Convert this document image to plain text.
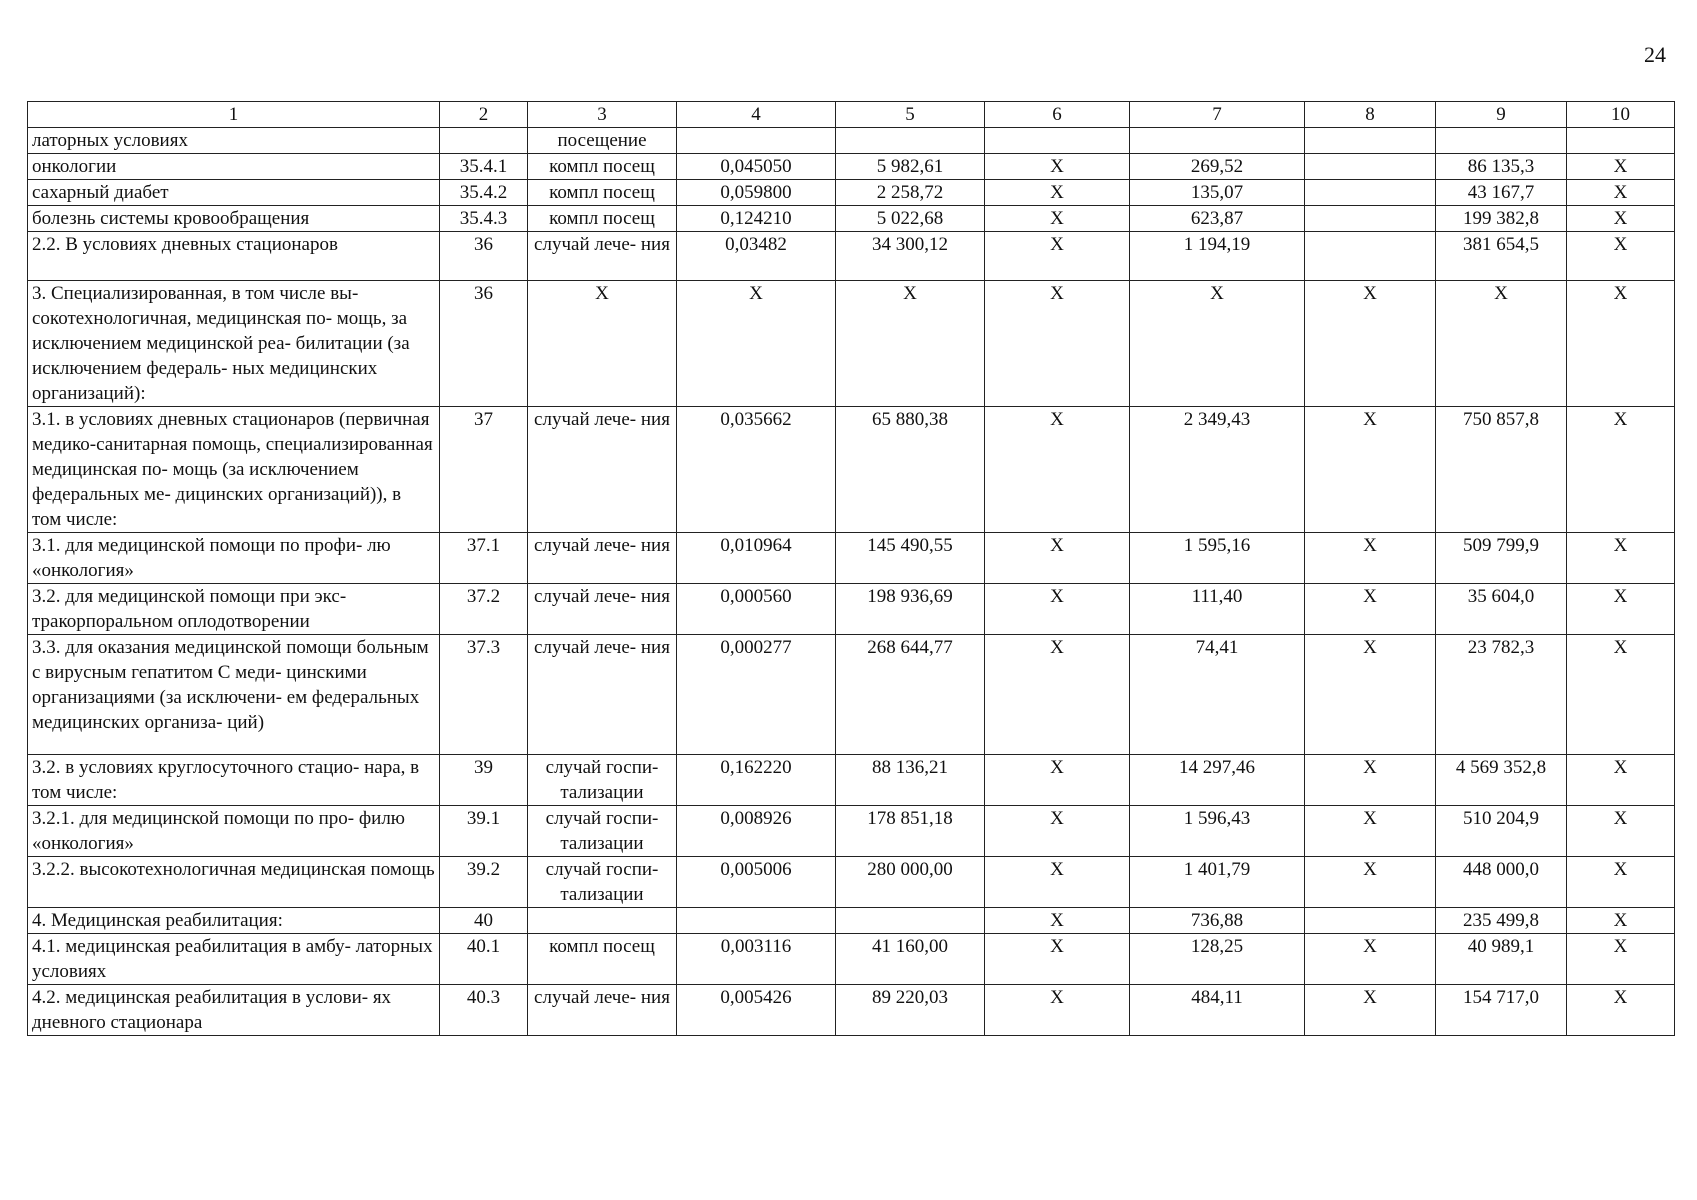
24
1	2	3	4	5	6	7	8	9	10
латорных условиях		посещение							
онкологии	35.4.1	компл посещ	0,045050	5 982,61	X	269,52		86 135,3	X
сахарный диабет	35.4.2	компл посещ	0,059800	2 258,72	X	135,07		43 167,7	X
болезнь системы кровообращения	35.4.3	компл посещ	0,124210	5 022,68	X	623,87		199 382,8	X
2.2. В условиях дневных стационаров	36	случай лече- ния	0,03482	34 300,12	X	1 194,19		381 654,5	X
3. Специализированная, в том числе вы- сокотехнологичная, медицинская по- мощь, за исключением медицинской реа- билитации (за исключением федераль- ных медицинских организаций):	36	X	X	X	X	X	X	X	X
3.1. в условиях дневных стационаров (первичная медико-санитарная помощь, специализированная медицинская по- мощь (за исключением федеральных ме- дицинских организаций)), в том числе:	37	случай лече- ния	0,035662	65 880,38	X	2 349,43	X	750 857,8	X
3.1. для медицинской помощи по профи- лю «онкология»	37.1	случай лече- ния	0,010964	145 490,55	X	1 595,16	X	509 799,9	X
3.2. для медицинской помощи при экс- тракорпоральном оплодотворении	37.2	случай лече- ния	0,000560	198 936,69	X	111,40	X	35 604,0	X
3.3. для оказания медицинской помощи больным с вирусным гепатитом С меди- цинскими организациями (за исключени- ем федеральных медицинских организа- ций)	37.3	случай лече- ния	0,000277	268 644,77	X	74,41	X	23 782,3	X
3.2. в условиях круглосуточного стацио- нара, в том числе:	39	случай госпи- тализации	0,162220	88 136,21	X	14 297,46	X	4 569 352,8	X
3.2.1. для медицинской помощи по про- филю «онкология»	39.1	случай госпи- тализации	0,008926	178 851,18	X	1 596,43	X	510 204,9	X
3.2.2. высокотехнологичная медицинская помощь	39.2	случай госпи- тализации	0,005006	280 000,00	X	1 401,79	X	448 000,0	X
4. Медицинская реабилитация:	40				X	736,88		235 499,8	X
4.1. медицинская реабилитация в амбу- латорных условиях	40.1	компл посещ	0,003116	41 160,00	X	128,25	X	40 989,1	X
4.2. медицинская реабилитация в услови- ях дневного стационара	40.3	случай лече- ния	0,005426	89 220,03	X	484,11	X	154 717,0	X
